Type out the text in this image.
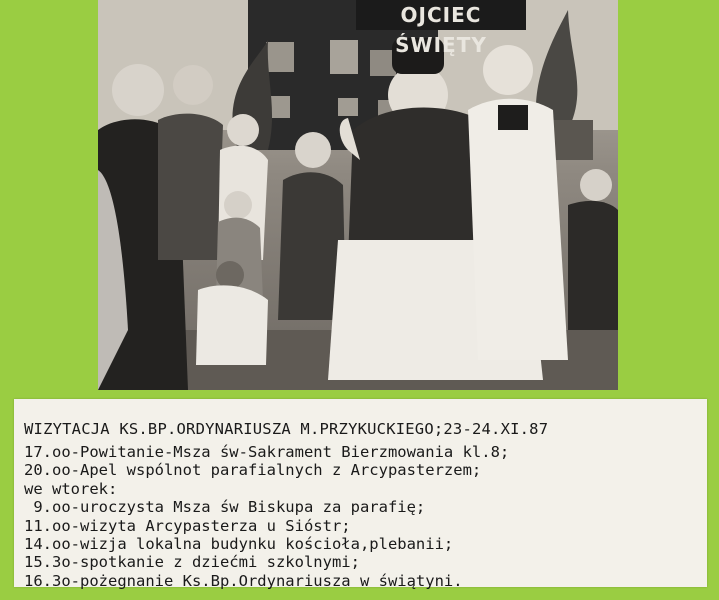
OJCIEC ŚWIĘTY
WIZYTACJA KS.BP.ORDYNARIUSZA M.PRZYKUCKIEGO;23-24.XI.87
17.oo-Powitanie-Msza św-Sakrament Bierzmowania kl.8;
20.oo-Apel wspólnot parafialnych z Arcypasterzem;
we wtorek:
9.oo-uroczysta Msza św Biskupa za parafię;
11.oo-wizyta Arcypasterza u Sióstr;
14.oo-wizja lokalna budynku kościoła,plebanii;
15.3o-spotkanie z dziećmi szkolnymi;
16.3o-pożegnanie Ks.Bp.Ordynariusza w świątyni.
